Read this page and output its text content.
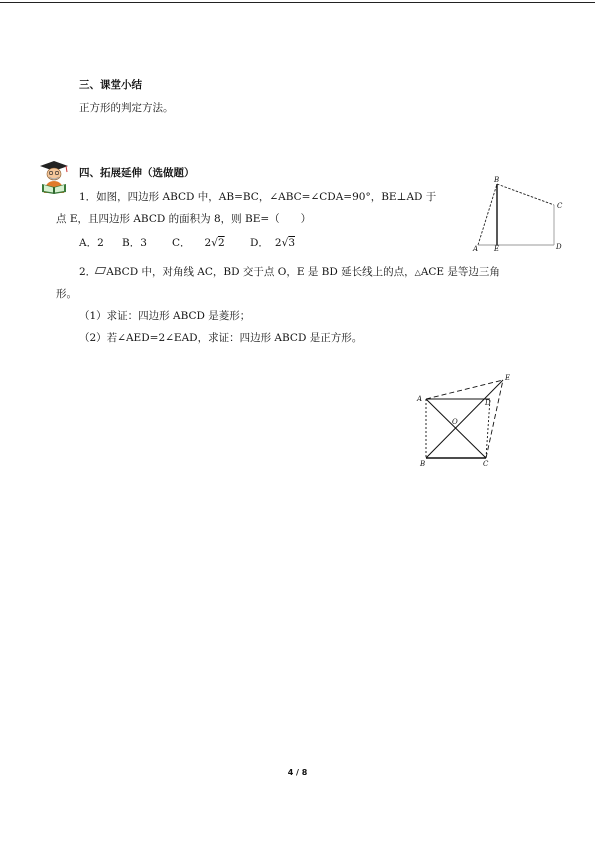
三、课堂小结
正方形的判定方法。
四、拓展延伸（选做题）
1．如图，四边形 ABCD 中，AB=BC，∠ABC=∠CDA=90°，BE⊥AD 于
点 E，且四边形 ABCD 的面积为 8，则 BE=（　　）
A．2 B．3 C． 2√2 D． 2√3
B
C
D
A E
2． ABCD 中，对角线 AC，BD 交于点 O，E 是 BD 延长线上的点，△ACE 是等边三角
形。
（1）求证：四边形 ABCD 是菱形；
（2）若∠AED=2∠EAD，求证：四边形 ABCD 是正方形。
A	D
E
O
B	C
4 / 8
